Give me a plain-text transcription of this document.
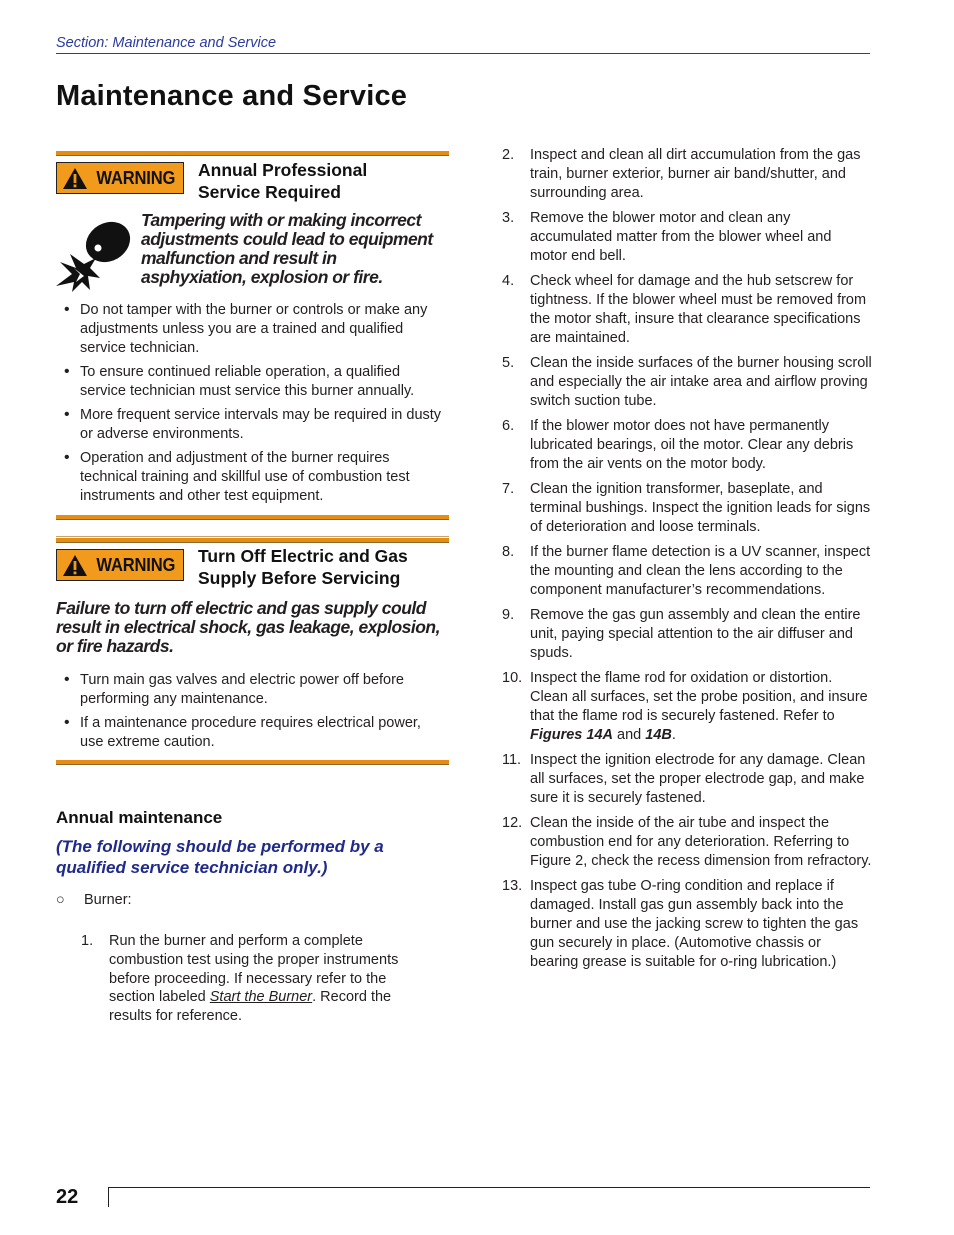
Section: Maintenance and Service
Maintenance and Service
WARNING Annual Professional
Service Required
Tampering with or making incorrect adjustments could lead to equipment malfunction and result in asphyxiation, explosion or fire.
• Do not tamper with the burner or controls or make any adjustments unless you are a trained and qualified service technician.
• To ensure continued reliable operation, a qualified service technician must service this burner annually.
• More frequent service intervals may be required in dusty or adverse environments.
• Operation and adjustment of the burner requires technical training and skillful use of combustion test instruments and other test equipment.
WARNING Turn Off Electric and Gas
Supply Before Servicing
Failure to turn off electric and gas supply could result in electrical shock, gas leakage, explosion, or fire hazards.
• Turn main gas valves and electric power off before performing any maintenance.
• If a maintenance procedure requires electrical power, use extreme caution.
Annual maintenance
(The following should be performed by a qualified service technician only.)
○ Burner:
1. Run the burner and perform a complete combustion test using the proper instruments before proceeding. If necessary refer to the section labeled Start the Burner. Record the results for reference.
2. Inspect and clean all dirt accumulation from the gas train, burner exterior, burner air band/shutter, and surrounding area.
3. Remove the blower motor and clean any accumulated matter from the blower wheel and motor end bell.
4. Check wheel for damage and the hub setscrew for tightness. If the blower wheel must be removed from the motor shaft, insure that clearance specifications are maintained.
5. Clean the inside surfaces of the burner housing scroll and especially the air intake area and airflow proving switch suction tube.
6. If the blower motor does not have permanently lubricated bearings, oil the motor. Clear any debris from the air vents on the motor body.
7. Clean the ignition transformer, baseplate, and terminal bushings. Inspect the ignition leads for signs of deterioration and loose terminals.
8. If the burner flame detection is a UV scanner, inspect the mounting and clean the lens according to the component manufacturer’s recommendations.
9. Remove the gas gun assembly and clean the entire unit, paying special attention to the air diffuser and spuds.
10. Inspect the flame rod for oxidation or distortion. Clean all surfaces, set the probe position, and insure that the flame rod is securely fastened. Refer to Figures 14A and 14B.
11. Inspect the ignition electrode for any damage. Clean all surfaces, set the proper electrode gap, and make sure it is securely fastened.
12. Clean the inside of the air tube and inspect the combustion end for any deterioration. Referring to Figure 2, check the recess dimension from refractory.
13. Inspect gas tube O-ring condition and replace if damaged. Install gas gun assembly back into the burner and use the jacking screw to tighten the gas gun securely in place. (Automotive chassis or bearing grease is suitable for o-ring lubrication.)
22
